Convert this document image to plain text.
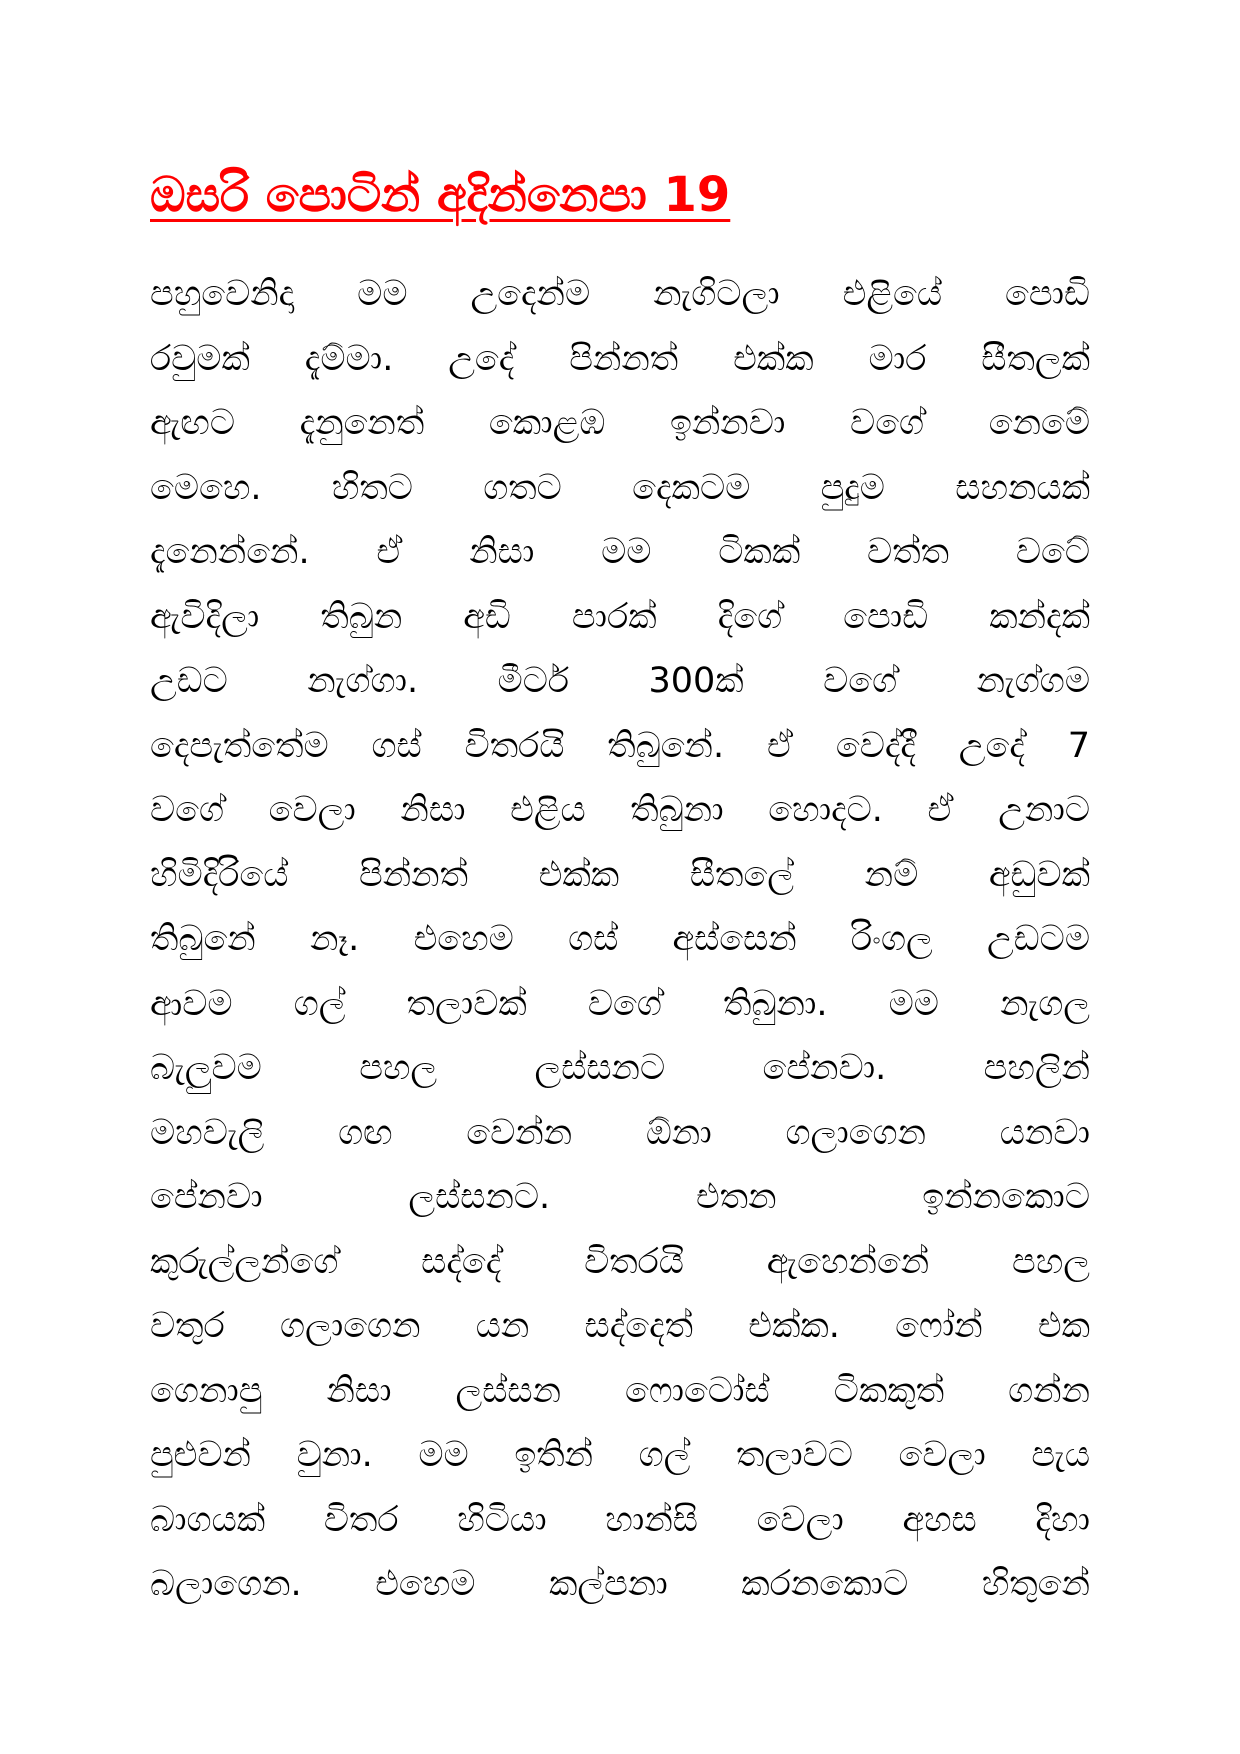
ඔසරි පොටින් අදින්නෙපා 19
පහුවෙනිදා මම උදෙන්ම නැගිටලා එළියේ පොඩි
රවුමක් දැම්මා. උදේ පින්නත් එක්ක මාර සීතලක්
ඇඟට දැනුනෙත් කොළඹ ඉන්නවා වගේ නෙමේ
මෙහෙ. හිතට ගතට දෙකටම පුදුම සහනයක්
දැනෙන්නේ. ඒ නිසා මම ටිකක් වත්ත වටේ
ඇවිදිලා තිබුන අඩි පාරක් දිගේ පොඩි කන්දක්
උඩට නැග්ගා. මීටර් 300ක් වගේ නැග්ගම
දෙපැත්තේම ගස් විතරයි තිබුනේ. ඒ වෙද්දී උදේ 7
වගේ වෙලා නිසා එළිය තිබුනා හොදට. ඒ උනාට
හිමිදිරියේ පින්නත් එක්ක සීතලේ නම් අඩුවක්
තිබුනේ නෑ. එහෙම ගස් අස්සෙන් රිංගල උඩටම
ආවම ගල් තලාවක් වගේ තිබුනා. මම නැගල
බැලුවම පහල ලස්සනට පේනවා. පහලින්
මහවැලි ගඟ වෙන්න ඕනා ගලාගෙන යනවා
පේනවා ලස්සනට. එතන ඉන්නකොට
කුරුල්ලන්ගේ සද්දේ විතරයි ඇහෙන්නේ පහල
වතුර ගලාගෙන යන සද්දෙත් එක්ක. ෆෝන් එක
ගෙනාපු නිසා ලස්සන ෆොටෝස් ටිකකුත් ගන්න
පුළුවන් වුනා. මම ඉතින් ගල් තලාවට වෙලා පැය
බාගයක් විතර හිටියා හාන්සි වෙලා අහස දිහා
බලාගෙන. එහෙම කල්පනා කරනකොට හිතුනේ
